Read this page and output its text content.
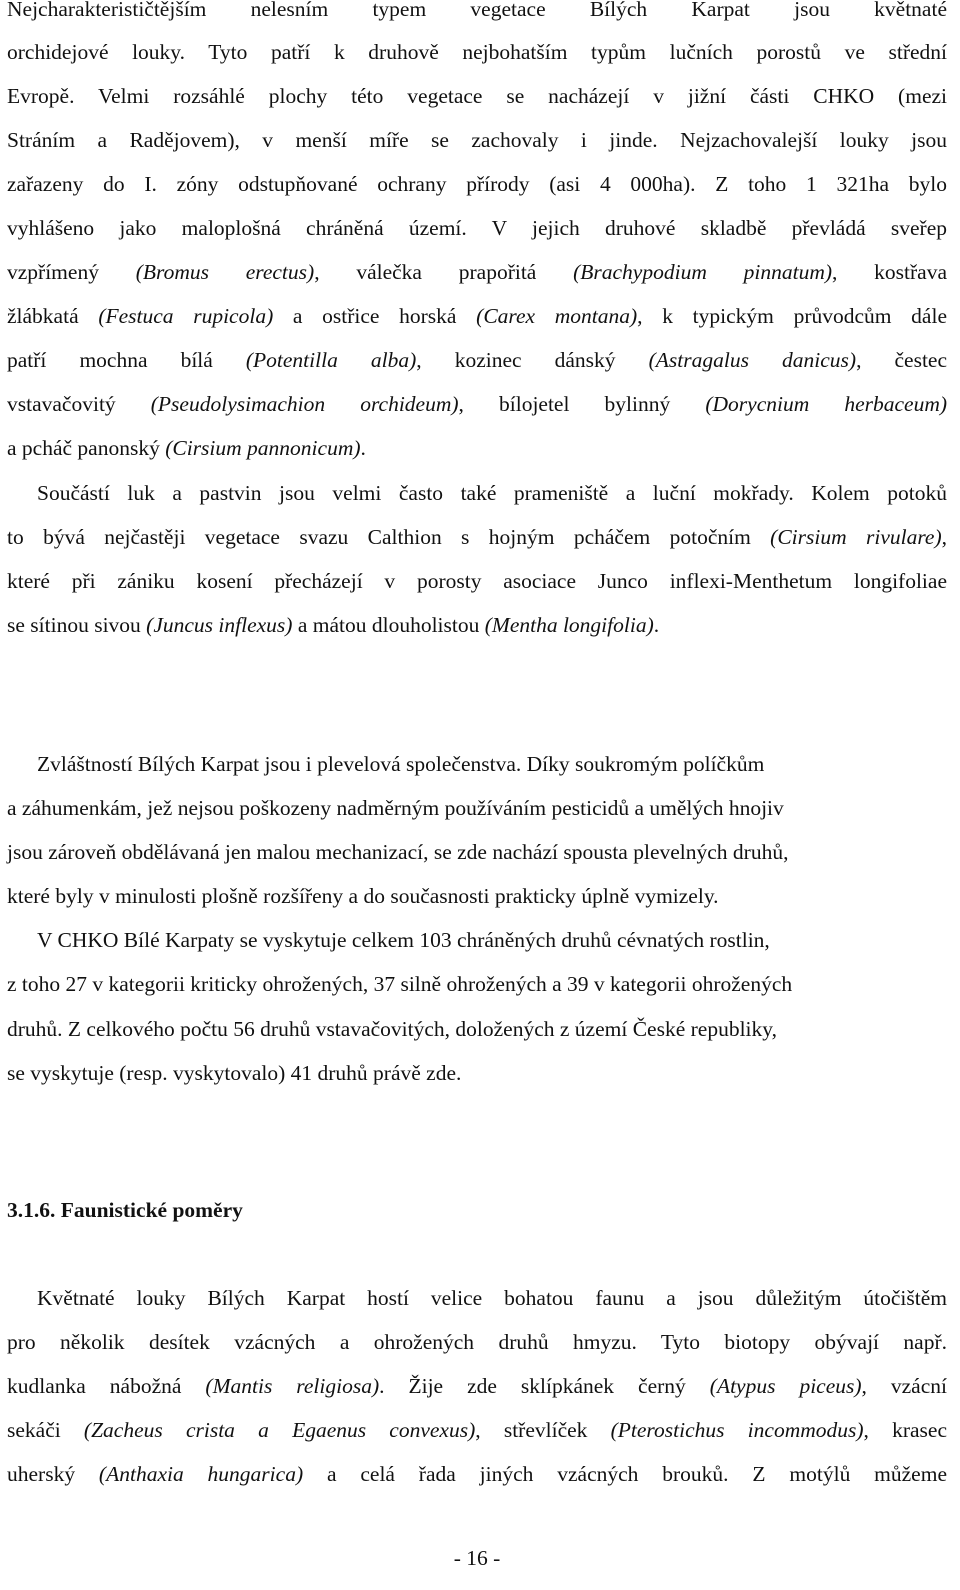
Nejcharakterističtějším nelesním typem vegetace Bílých Karpat jsou květnaté
orchidejové louky. Tyto patří k druhově nejbohatším typům lučních porostů ve střední
Evropě. Velmi rozsáhlé plochy této vegetace se nacházejí v jižní části CHKO (mezi
Stráním a Radějovem), v menší míře se zachovaly i jinde. Nejzachovalejší louky jsou
zařazeny do I. zóny odstupňované ochrany přírody (asi 4 000ha). Z toho 1 321ha bylo
vyhlášeno jako maloplošná chráněná území. V jejich druhové skladbě převládá sveřep
vzpřímený (Bromus erectus), válečka prapořitá (Brachypodium pinnatum), kostřava
žlábkatá (Festuca rupicola) a ostřice horská (Carex montana), k typickým průvodcům dále
patří mochna bílá (Potentilla alba), kozinec dánský (Astragalus danicus), čestec
vstavačovitý (Pseudolysimachion orchideum), bílojetel bylinný (Dorycnium herbaceum)
a pcháč panonský (Cirsium pannonicum).
Součástí luk a pastvin jsou velmi často také prameniště a luční mokřady. Kolem potoků
to bývá nejčastěji vegetace svazu Calthion s hojným pcháčem potočním (Cirsium rivulare),
které při zániku kosení přecházejí v porosty asociace Junco inflexi-Menthetum longifoliae
se sítinou sivou (Juncus inflexus) a mátou dlouholistou (Mentha longifolia).
Zvláštností Bílých Karpat jsou i plevelová společenstva. Díky soukromým políčkům
a záhumenkám, jež nejsou poškozeny nadměrným používáním pesticidů a umělých hnojiv
jsou zároveň obdělávaná jen malou mechanizací, se zde nachází spousta plevelných druhů,
které byly v minulosti plošně rozšířeny a do současnosti prakticky úplně vymizely.
V CHKO Bílé Karpaty se vyskytuje celkem 103 chráněných druhů cévnatých rostlin,
z toho 27 v kategorii kriticky ohrožených, 37 silně ohrožených a 39 v kategorii ohrožených
druhů. Z celkového počtu 56 druhů vstavačovitých, doložených z území České republiky,
se vyskytuje (resp. vyskytovalo) 41 druhů právě zde.
3.1.6. Faunistické poměry
Květnaté louky Bílých Karpat hostí velice bohatou faunu a jsou důležitým útočištěm
pro několik desítek vzácných a ohrožených druhů hmyzu. Tyto biotopy obývají např.
kudlanka nábožná (Mantis religiosa). Žije zde sklípkánek černý (Atypus piceus), vzácní
sekáči (Zacheus crista a Egaenus convexus), střevlíček (Pterostichus incommodus), krasec
uherský (Anthaxia hungarica) a celá řada jiných vzácných brouků. Z motýlů můžeme
- 16 -
